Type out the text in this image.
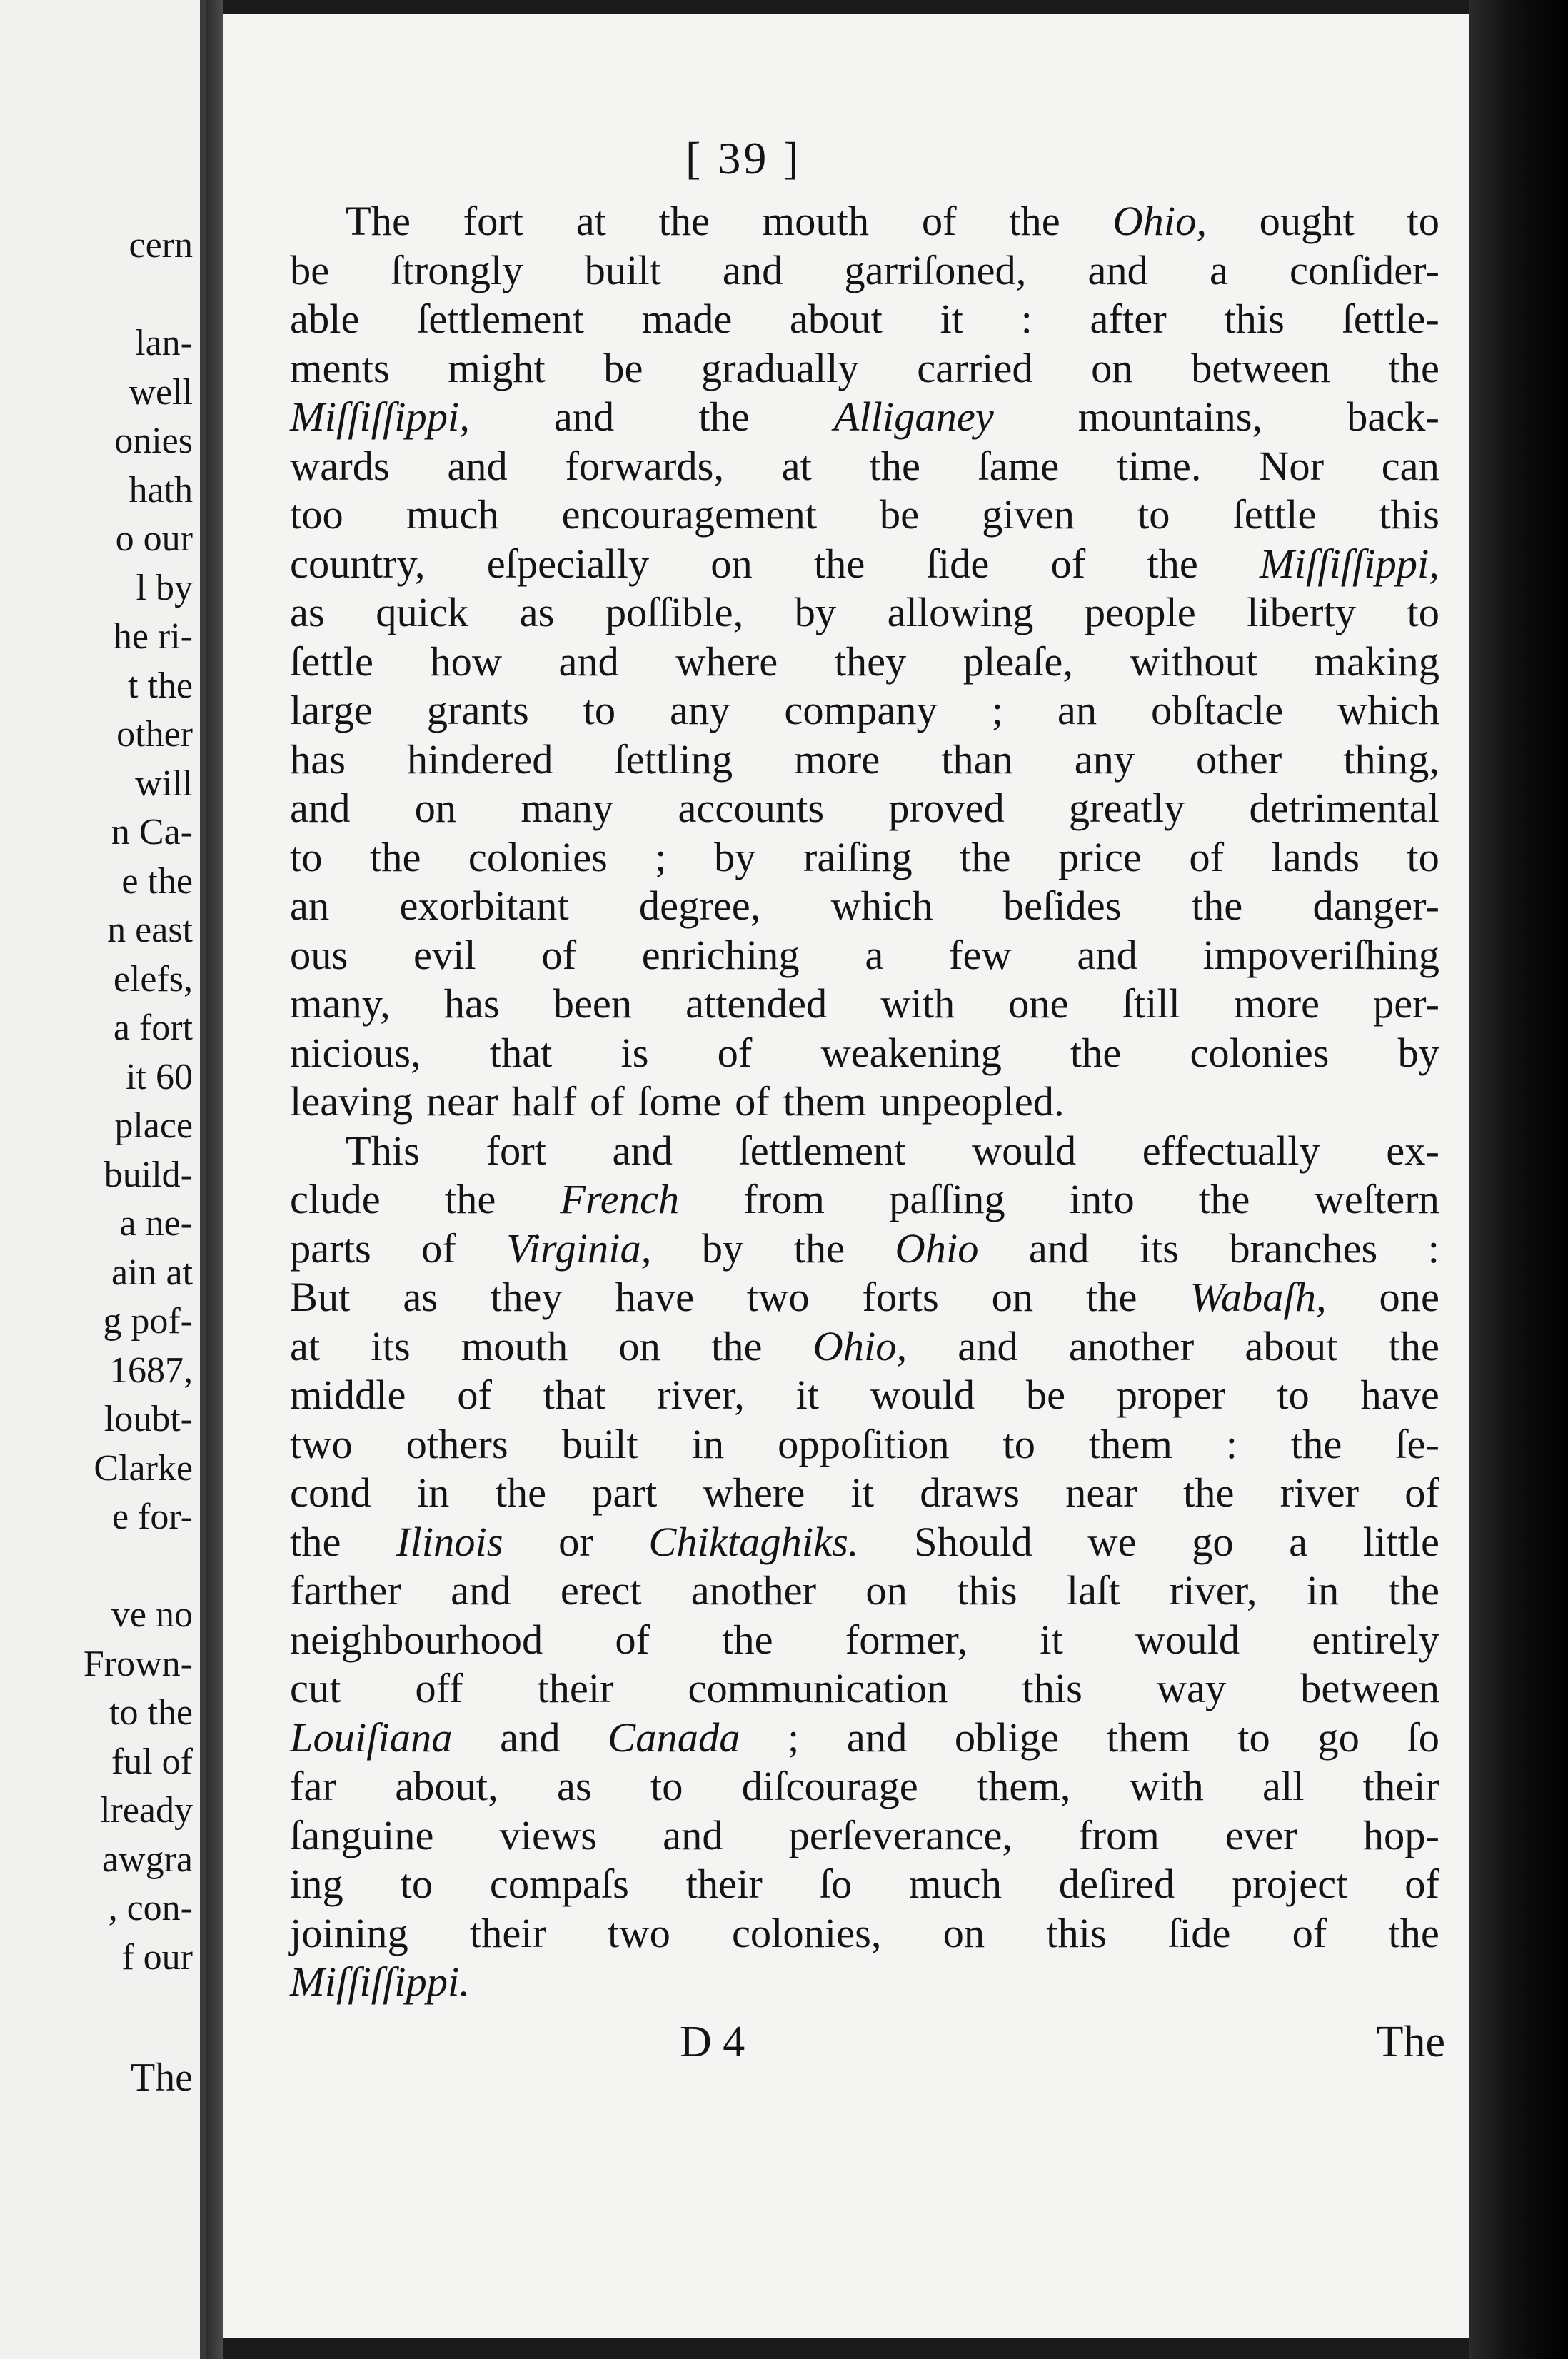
cern
lan-
well
onies
hath
o our
l by
he ri-
t the
other
will
n Ca-
e the
n east
elefs,
a fort
it 60
place
build-
a ne-
ain at
g pof-
1687,
loubt-
Clarke
e for-
ve no
Frown-
to the
ful of
lready
awgra
, con-
f our
The
[ 39 ]
The fort at the mouth of the Ohio, ought to
be ſtrongly built and garriſoned, and a conſider-
able ſettlement made about it : after this ſettle-
ments might be gradually carried on between the
Miſſiſſippi, and the Alliganey mountains, back-
wards and forwards, at the ſame time. Nor can
too much encouragement be given to ſettle this
country, eſpecially on the ſide of the Miſſiſſippi,
as quick as poſſible, by allowing people liberty to
ſettle how and where they pleaſe, without making
large grants to any company ; an obſtacle which
has hindered ſettling more than any other thing,
and on many accounts proved greatly detrimental
to the colonies ; by raiſing the price of lands to
an exorbitant degree, which beſides the danger-
ous evil of enriching a few and impoveriſhing
many, has been attended with one ſtill more per-
nicious, that is of weakening the colonies by
leaving near half of ſome of them unpeopled.
This fort and ſettlement would effectually ex-
clude the French from paſſing into the weſtern
parts of Virginia, by the Ohio and its branches :
But as they have two forts on the Wabaſh, one
at its mouth on the Ohio, and another about the
middle of that river, it would be proper to have
two others built in oppoſition to them : the ſe-
cond in the part where it draws near the river of
the Ilinois or Chiktaghiks. Should we go a little
farther and erect another on this laſt river, in the
neighbourhood of the former, it would entirely
cut off their communication this way between
Louiſiana and Canada ; and oblige them to go ſo
far about, as to diſcourage them, with all their
ſanguine views and perſeverance, from ever hop-
ing to compaſs their ſo much deſired project of
joining their two colonies, on this ſide of the
Miſſiſſippi.
D 4	The
